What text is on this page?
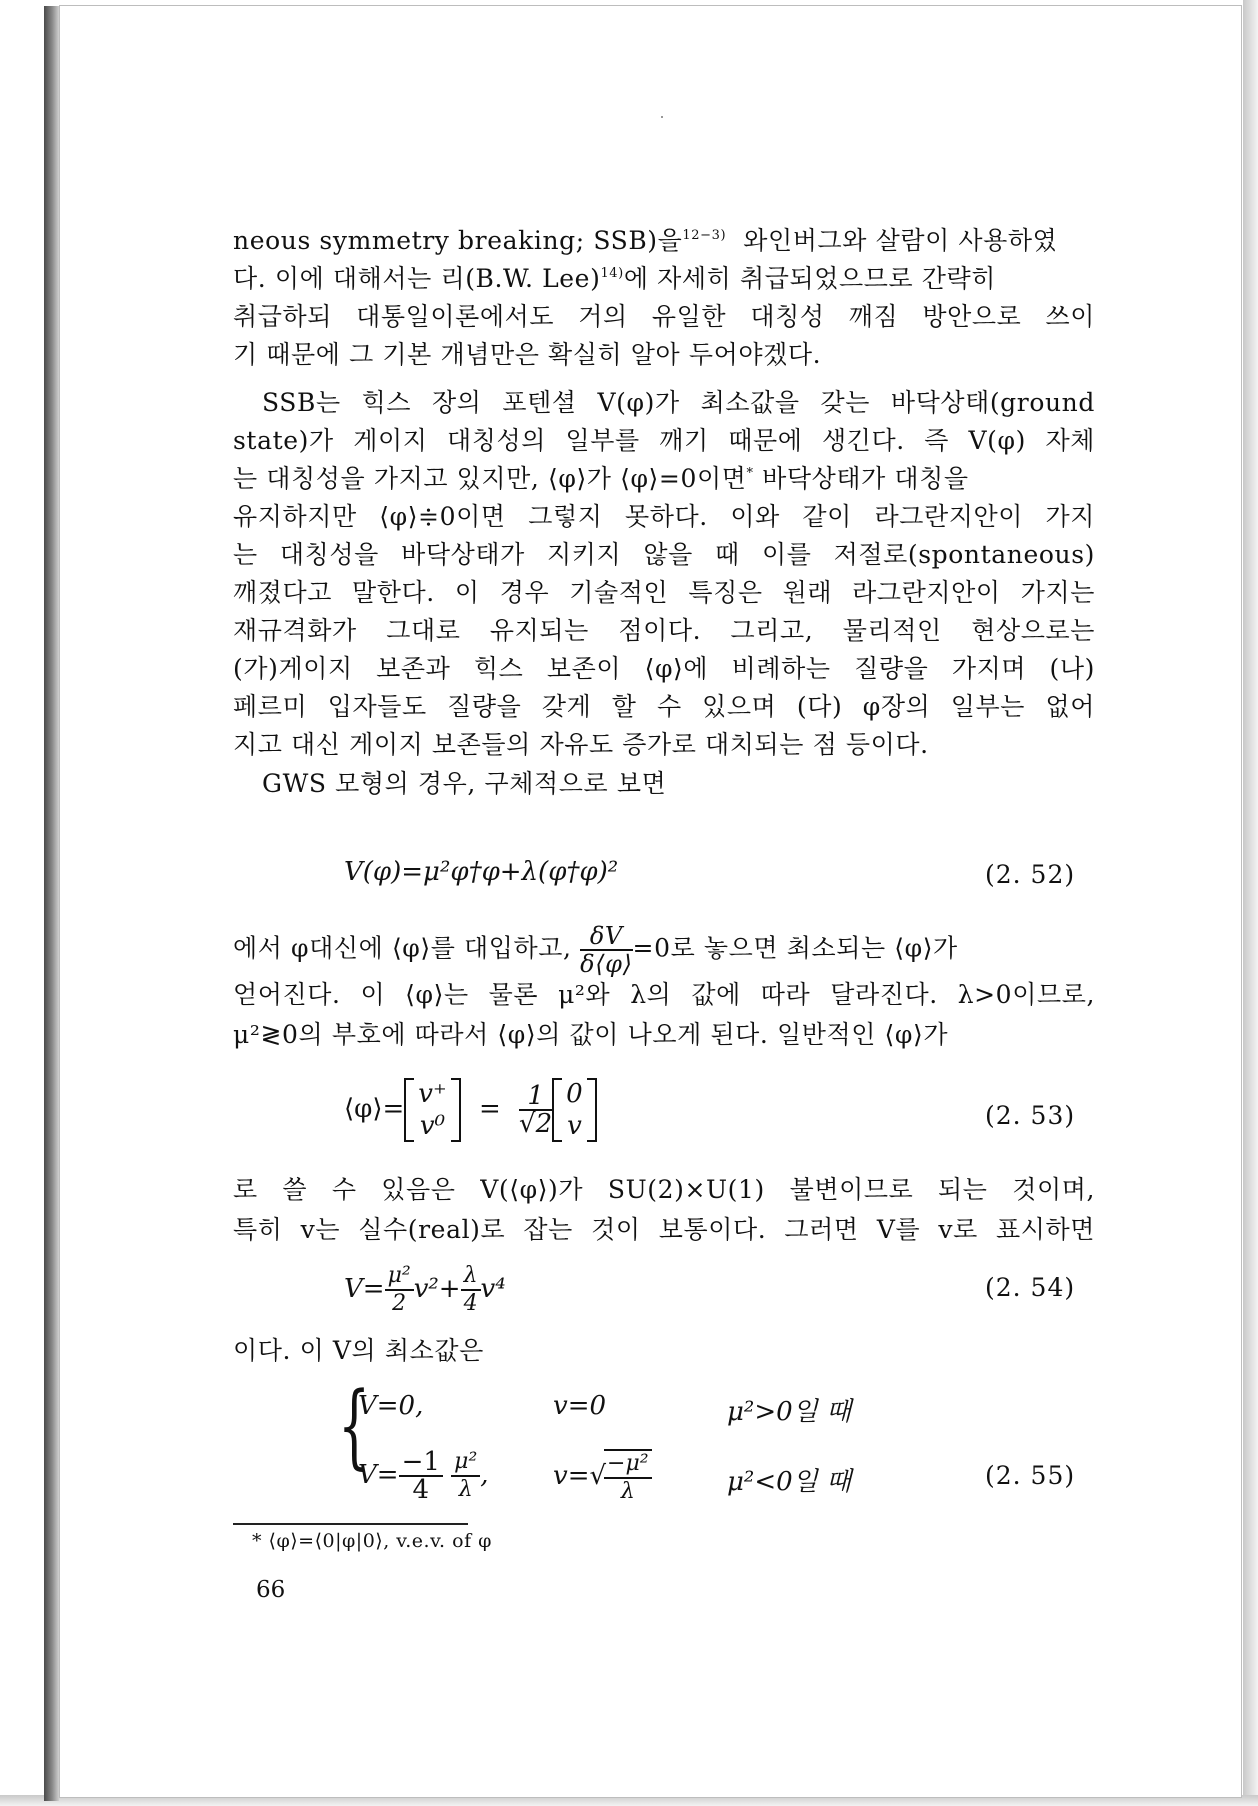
neous symmetry breaking; SSB)을$^{12-3)}$ 와인버그와 살람이 사용하였
다. 이에 대해서는 리(B.W. Lee)$^{14)}$에 자세히 취급되었으므로 간략히
취급하되 대통일이론에서도 거의 유일한 대칭성 깨짐 방안으로 쓰이
기 때문에 그 기본 개념만은 확실히 알아 두어야겠다.
SSB는 힉스 장의 포텐셜 V(φ)가 최소값을 갖는 바닥상태(ground
state)가 게이지 대칭성의 일부를 깨기 때문에 생긴다. 즉 V(φ) 자체
는 대칭성을 가지고 있지만, ⟨φ⟩가 ⟨φ⟩=0이면* 바닥상태가 대칭을
유지하지만 ⟨φ⟩≑0이면 그렇지 못하다. 이와 같이 라그란지안이 가지
는 대칭성을 바닥상태가 지키지 않을 때 이를 저절로(spontaneous)
깨졌다고 말한다. 이 경우 기술적인 특징은 원래 라그란지안이 가지는
재규격화가 그대로 유지되는 점이다. 그리고, 물리적인 현상으로는
(가)게이지 보존과 힉스 보존이 ⟨φ⟩에 비례하는 질량을 가지며 (나)
페르미 입자들도 질량을 갖게 할 수 있으며 (다) φ장의 일부는 없어
지고 대신 게이지 보존들의 자유도 증가로 대치되는 점 등이다.
GWS 모형의 경우, 구체적으로 보면
V(φ)=μ²φ†φ+λ(φ†φ)²	(2. 52)
에서 φ대신에 ⟨φ⟩를 대입하고, $\frac{\delta V}{\delta⟨\varphi⟩} =0$로 놓으면 최소되는 ⟨φ⟩가
얻어진다. 이 ⟨φ⟩는 물론 μ²와 λ의 값에 따라 달라진다. λ>0이므로,
μ²≷0의 부호에 따라서 ⟨φ⟩의 값이 나오게 된다. 일반적인 ⟨φ⟩가
⟨φ⟩= v⁺
v⁰
= $\frac{1}{√2} 0$
v	(2. 53)
로 쓸 수 있음은 V(⟨φ⟩)가 SU(2)×U(1) 불변이므로 되는 것이며,
특히 v는 실수(real)로 잡는 것이 보통이다. 그러면 V를 v로 표시하면
$V= \frac{\text{μ²}}{2} v^2+ \frac{\lambda}{4} v^4$	(2. 54)
이다. 이 V의 최소값은
{
V=0,	v=0	μ²>0일 때
$V= \frac{-1}{4}$
$\frac{\text{μ²}}{\lambda}$ , v=√
$\frac{\text{−μ²}}{\lambda}$	μ²<0일 때	(2. 55)
* ⟨φ⟩=⟨0|φ|0⟩, v.e.v. of φ
66
